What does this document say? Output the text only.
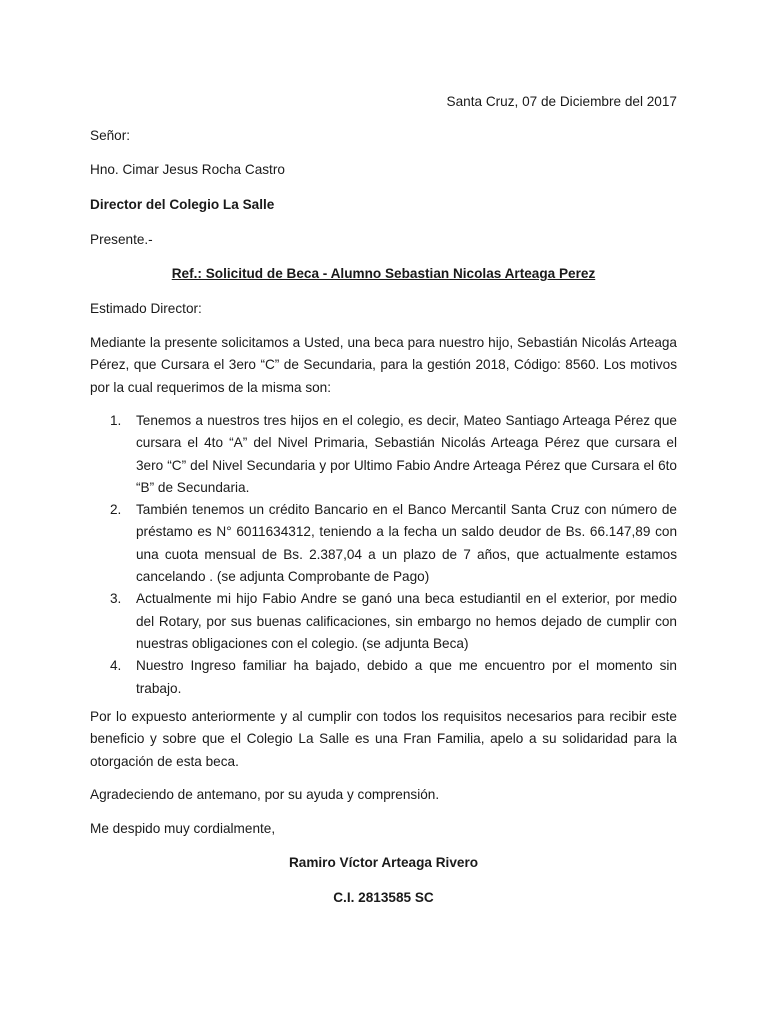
Santa Cruz, 07 de Diciembre del 2017
Señor:
Hno. Cimar Jesus Rocha Castro
Director del Colegio La Salle
Presente.-
Ref.: Solicitud de Beca - Alumno Sebastian Nicolas Arteaga Perez
Estimado Director:
Mediante la presente solicitamos a Usted, una beca para nuestro hijo, Sebastián Nicolás Arteaga Pérez, que Cursara el 3ero “C” de Secundaria, para la gestión 2018, Código: 8560. Los motivos por la cual requerimos de la misma son:
1. Tenemos a nuestros tres hijos en el colegio, es decir, Mateo Santiago Arteaga Pérez que cursara el 4to “A” del Nivel Primaria, Sebastián Nicolás Arteaga Pérez que cursara el 3ero “C” del Nivel Secundaria y por Ultimo Fabio Andre Arteaga Pérez que Cursara el 6to “B” de Secundaria.
2. También tenemos un crédito Bancario en el Banco Mercantil Santa Cruz con número de préstamo es N° 6011634312, teniendo a la fecha un saldo deudor de Bs. 66.147,89 con una cuota mensual de Bs. 2.387,04 a un plazo de 7 años, que actualmente estamos cancelando . (se adjunta Comprobante de Pago)
3. Actualmente mi hijo Fabio Andre se ganó una beca estudiantil en el exterior, por medio del Rotary, por sus buenas calificaciones, sin embargo no hemos dejado de cumplir con nuestras obligaciones con el colegio. (se adjunta Beca)
4. Nuestro Ingreso familiar ha bajado, debido a que me encuentro por el momento sin trabajo.
Por lo expuesto anteriormente y al cumplir con todos los requisitos necesarios para recibir este beneficio y sobre que el Colegio La Salle es una Fran Familia, apelo a su solidaridad para la otorgación de esta beca.
Agradeciendo de antemano, por su ayuda y comprensión.
Me despido muy cordialmente,
Ramiro Víctor Arteaga Rivero
C.I. 2813585 SC
